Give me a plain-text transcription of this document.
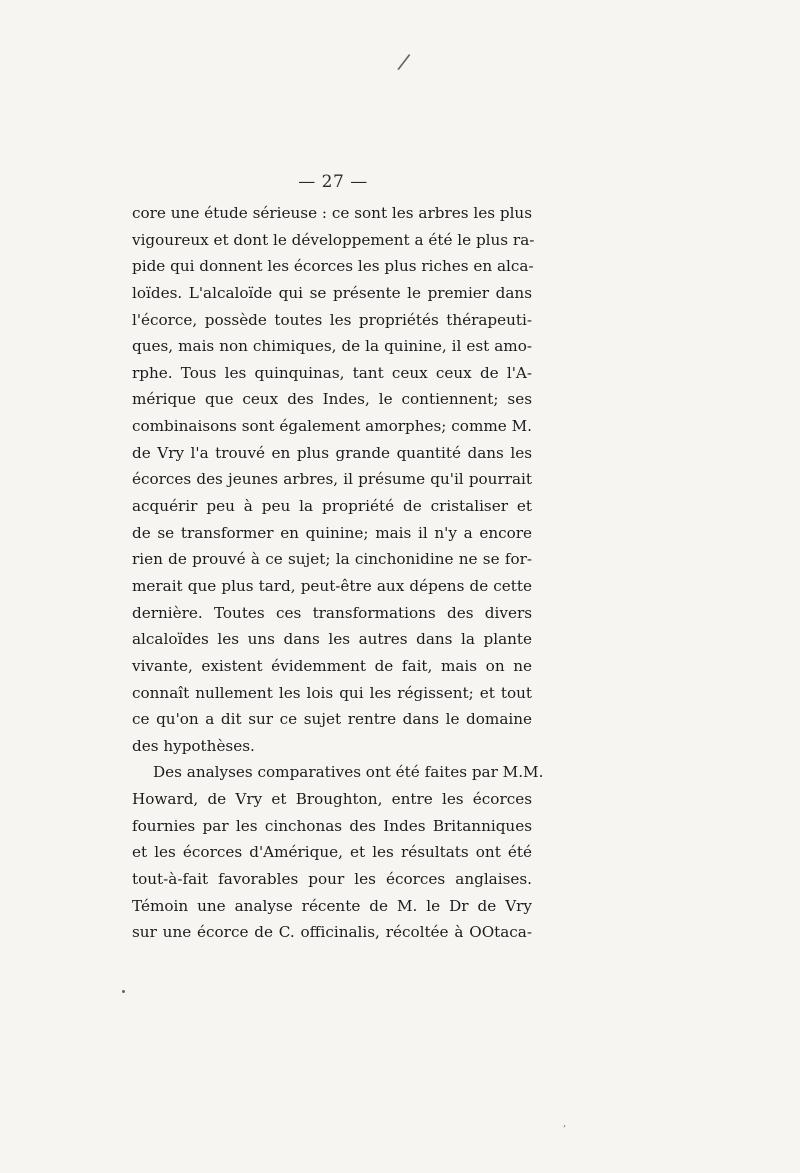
/
— 27 —
core une étude sérieuse : ce sont les arbres les plus
vigoureux et dont le développement a été le plus ra-
pide qui donnent les écorces les plus riches en alca-
loïdes. L'alcaloïde qui se présente le premier dans
l'écorce, possède toutes les propriétés thérapeuti-
ques, mais non chimiques, de la quinine, il est amo-
rphe. Tous les quinquinas, tant ceux ceux de l'A-
mérique que ceux des Indes, le contiennent; ses
combinaisons sont également amorphes; comme M.
de Vry l'a trouvé en plus grande quantité dans les
écorces des jeunes arbres, il présume qu'il pourrait
acquérir peu à peu la propriété de cristaliser et
de se transformer en quinine; mais il n'y a encore
rien de prouvé à ce sujet; la cinchonidine ne se for-
merait que plus tard, peut-être aux dépens de cette
dernière. Toutes ces transformations des divers
alcaloïdes les uns dans les autres dans la plante
vivante, existent évidemment de fait, mais on ne
connaît nullement les lois qui les régissent; et tout
ce qu'on a dit sur ce sujet rentre dans le domaine
des hypothèses.
Des analyses comparatives ont été faites par M.M.
Howard, de Vry et Broughton, entre les écorces
fournies par les cinchonas des Indes Britanniques
et les écorces d'Amérique, et les résultats ont été
tout-à-fait favorables pour les écorces anglaises.
Témoin une analyse récente de M. le Dr de Vry
sur une écorce de C. officinalis, récoltée à OOtaca-
‚
